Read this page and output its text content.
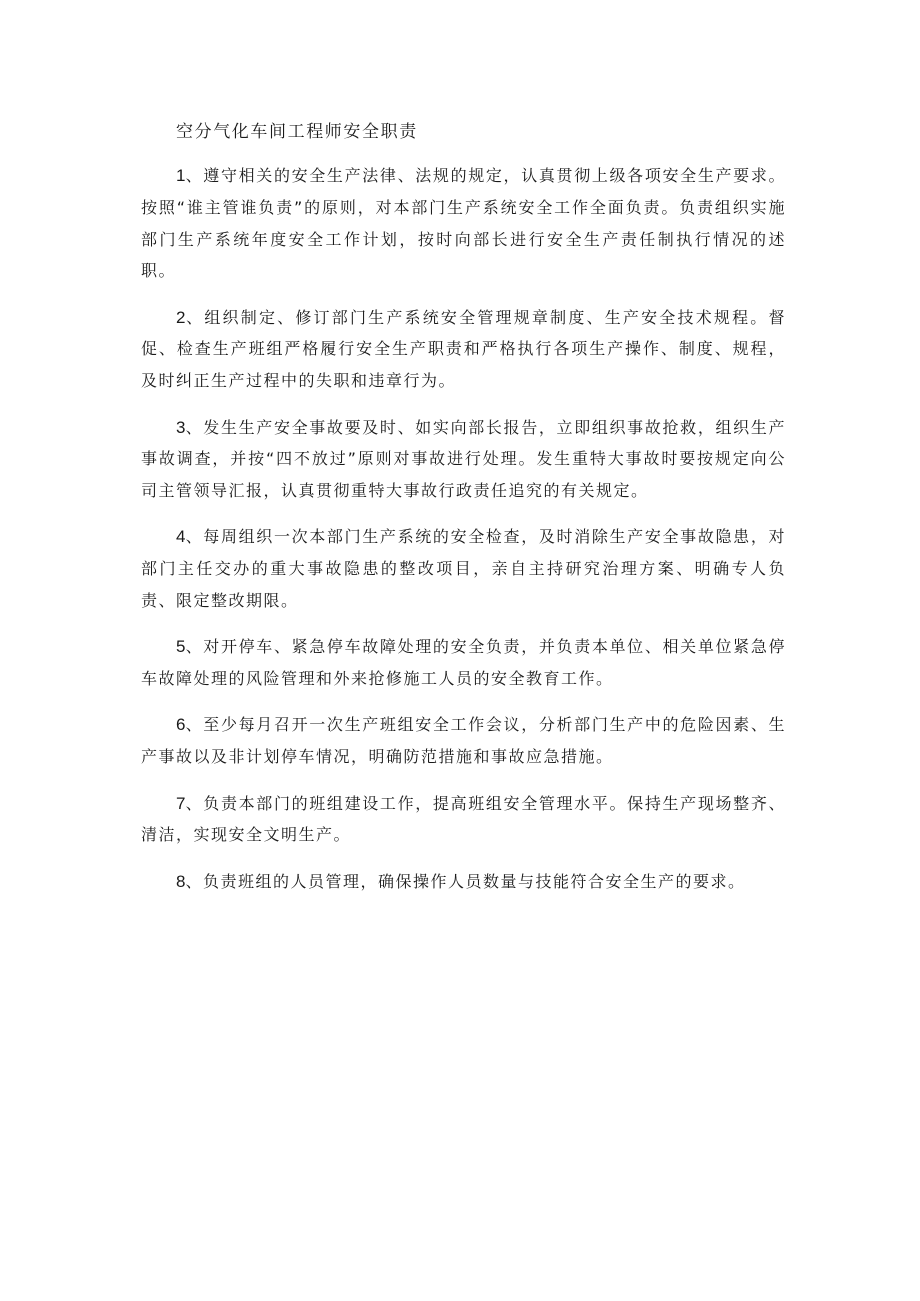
空分气化车间工程师安全职责

1、遵守相关的安全生产法律、法规的规定，认真贯彻上级各项安全生产要求。按照“谁主管谁负责”的原则，对本部门生产系统安全工作全面负责。负责组织实施部门生产系统年度安全工作计划，按时向部长进行安全生产责任制执行情况的述职。

2、组织制定、修订部门生产系统安全管理规章制度、生产安全技术规程。督促、检查生产班组严格履行安全生产职责和严格执行各项生产操作、制度、规程，及时纠正生产过程中的失职和违章行为。

3、发生生产安全事故要及时、如实向部长报告，立即组织事故抢救，组织生产事故调查，并按“四不放过”原则对事故进行处理。发生重特大事故时要按规定向公司主管领导汇报，认真贯彻重特大事故行政责任追究的有关规定。

4、每周组织一次本部门生产系统的安全检查，及时消除生产安全事故隐患，对部门主任交办的重大事故隐患的整改项目，亲自主持研究治理方案、明确专人负责、限定整改期限。

5、对开停车、紧急停车故障处理的安全负责，并负责本单位、相关单位紧急停车故障处理的风险管理和外来抢修施工人员的安全教育工作。

6、至少每月召开一次生产班组安全工作会议，分析部门生产中的危险因素、生产事故以及非计划停车情况，明确防范措施和事故应急措施。

7、负责本部门的班组建设工作，提高班组安全管理水平。保持生产现场整齐、清洁，实现安全文明生产。

8、负责班组的人员管理，确保操作人员数量与技能符合安全生产的要求。
